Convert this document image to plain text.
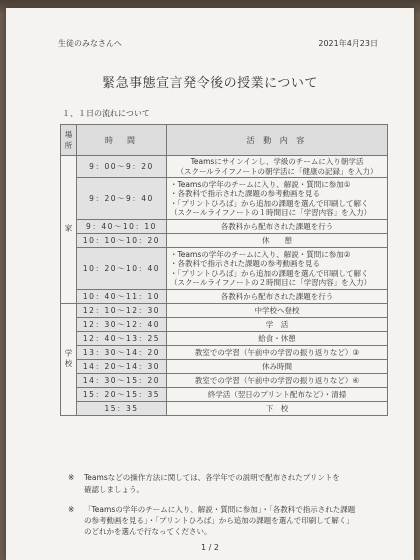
生徒のみなさんへ	2021年4月23日
緊急事態宣言発令後の授業について
１、１日の流れについて
場所	時　間	活 動 内 容
家	9：00～9：20	Teamsにサインインし、学級のチームに入り朝学活
（スクールライフノートの朝学活に「健康の記録」を入力）

	9：20～9：40	・Teamsの学年のチームに入り、解説・質問に参加①
・各教科で指示された課題の参考動画を見る
・「プリントひろば」から追加の課題を選んで印刷して解く
（スクールライフノートの１時間目に「学習内容」を入力）

	9：40～10：10	各教科から配布された課題を行う

	10：10～10：20	休　　憩

	10：20～10：40	・Teamsの学年のチームに入り、解説・質問に参加②
・各教科で指示された課題の参考動画を見る
・「プリントひろば」から追加の課題を選んで印刷して解く
（スクールライフノートの２時間目に「学習内容」を入力）

	10：40～11：10	各教科から配布された課題を行う

学校	12：10～12：30	中学校へ登校

	12：30～12：40	学　活

	12：40～13：25	給食・休憩

	13：30～14：20	教室での学習（午前中の学習の振り返りなど）③

	14：20～14：30	休み時間

	14：30～15：20	教室での学習（午前中の学習の振り返りなど）④

	15：20～15：35	終学活（翌日のプリント配布など）・清掃

	15：35	下　校
※ Teamsなどの操作方法に関しては、各学年での説明で配布されたプリントを
確認しましょう。
※ 「Teamsの学年のチームに入り、解説・質問に参加」・「各教科で指示された課題
の参考動画を見る」・「プリントひろば」から追加の課題を選んで印刷して解く」
のどれかを選んで行なってください。
1 / 2
